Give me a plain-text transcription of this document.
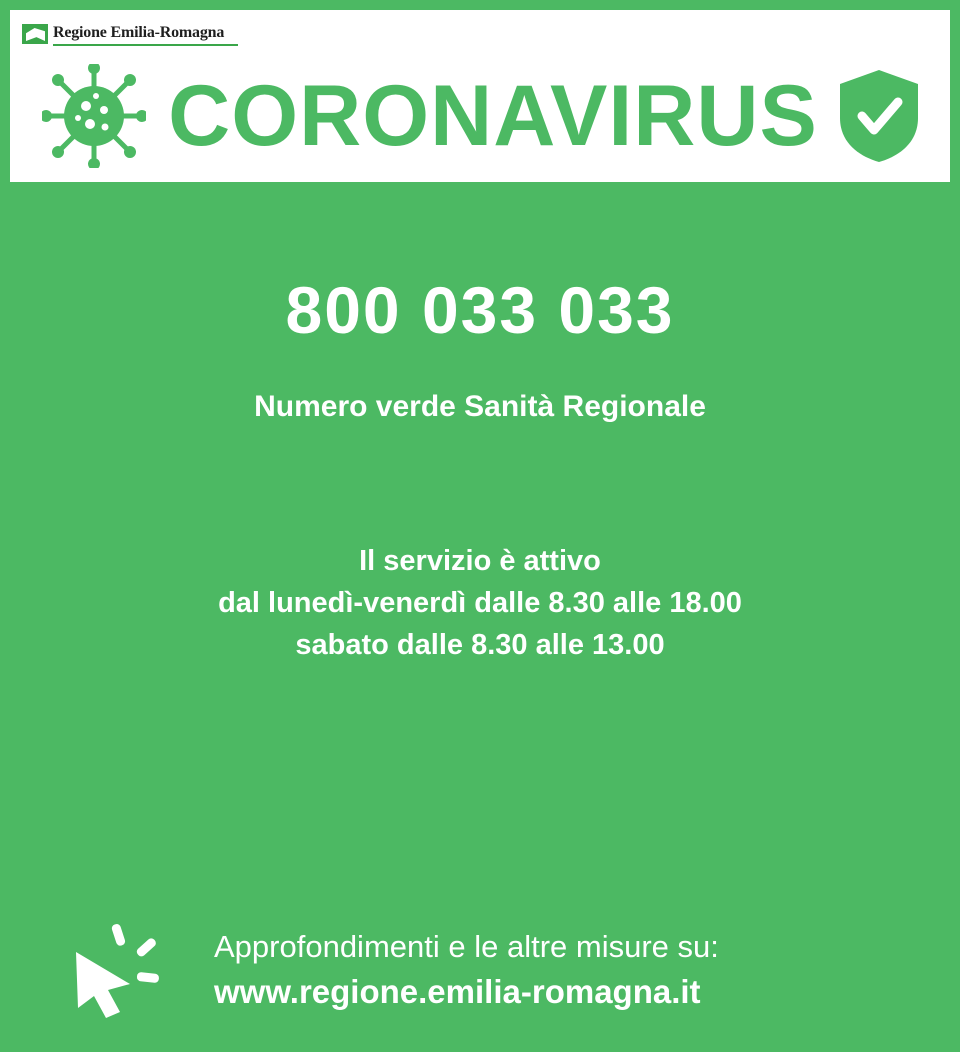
Regione Emilia-Romagna
CORONAVIRUS
800 033 033
Numero verde Sanità Regionale
Il servizio è attivo
dal lunedì-venerdì dalle 8.30 alle 18.00
sabato dalle 8.30 alle 13.00
Approfondimenti e le altre misure su:
www.regione.emilia-romagna.it
